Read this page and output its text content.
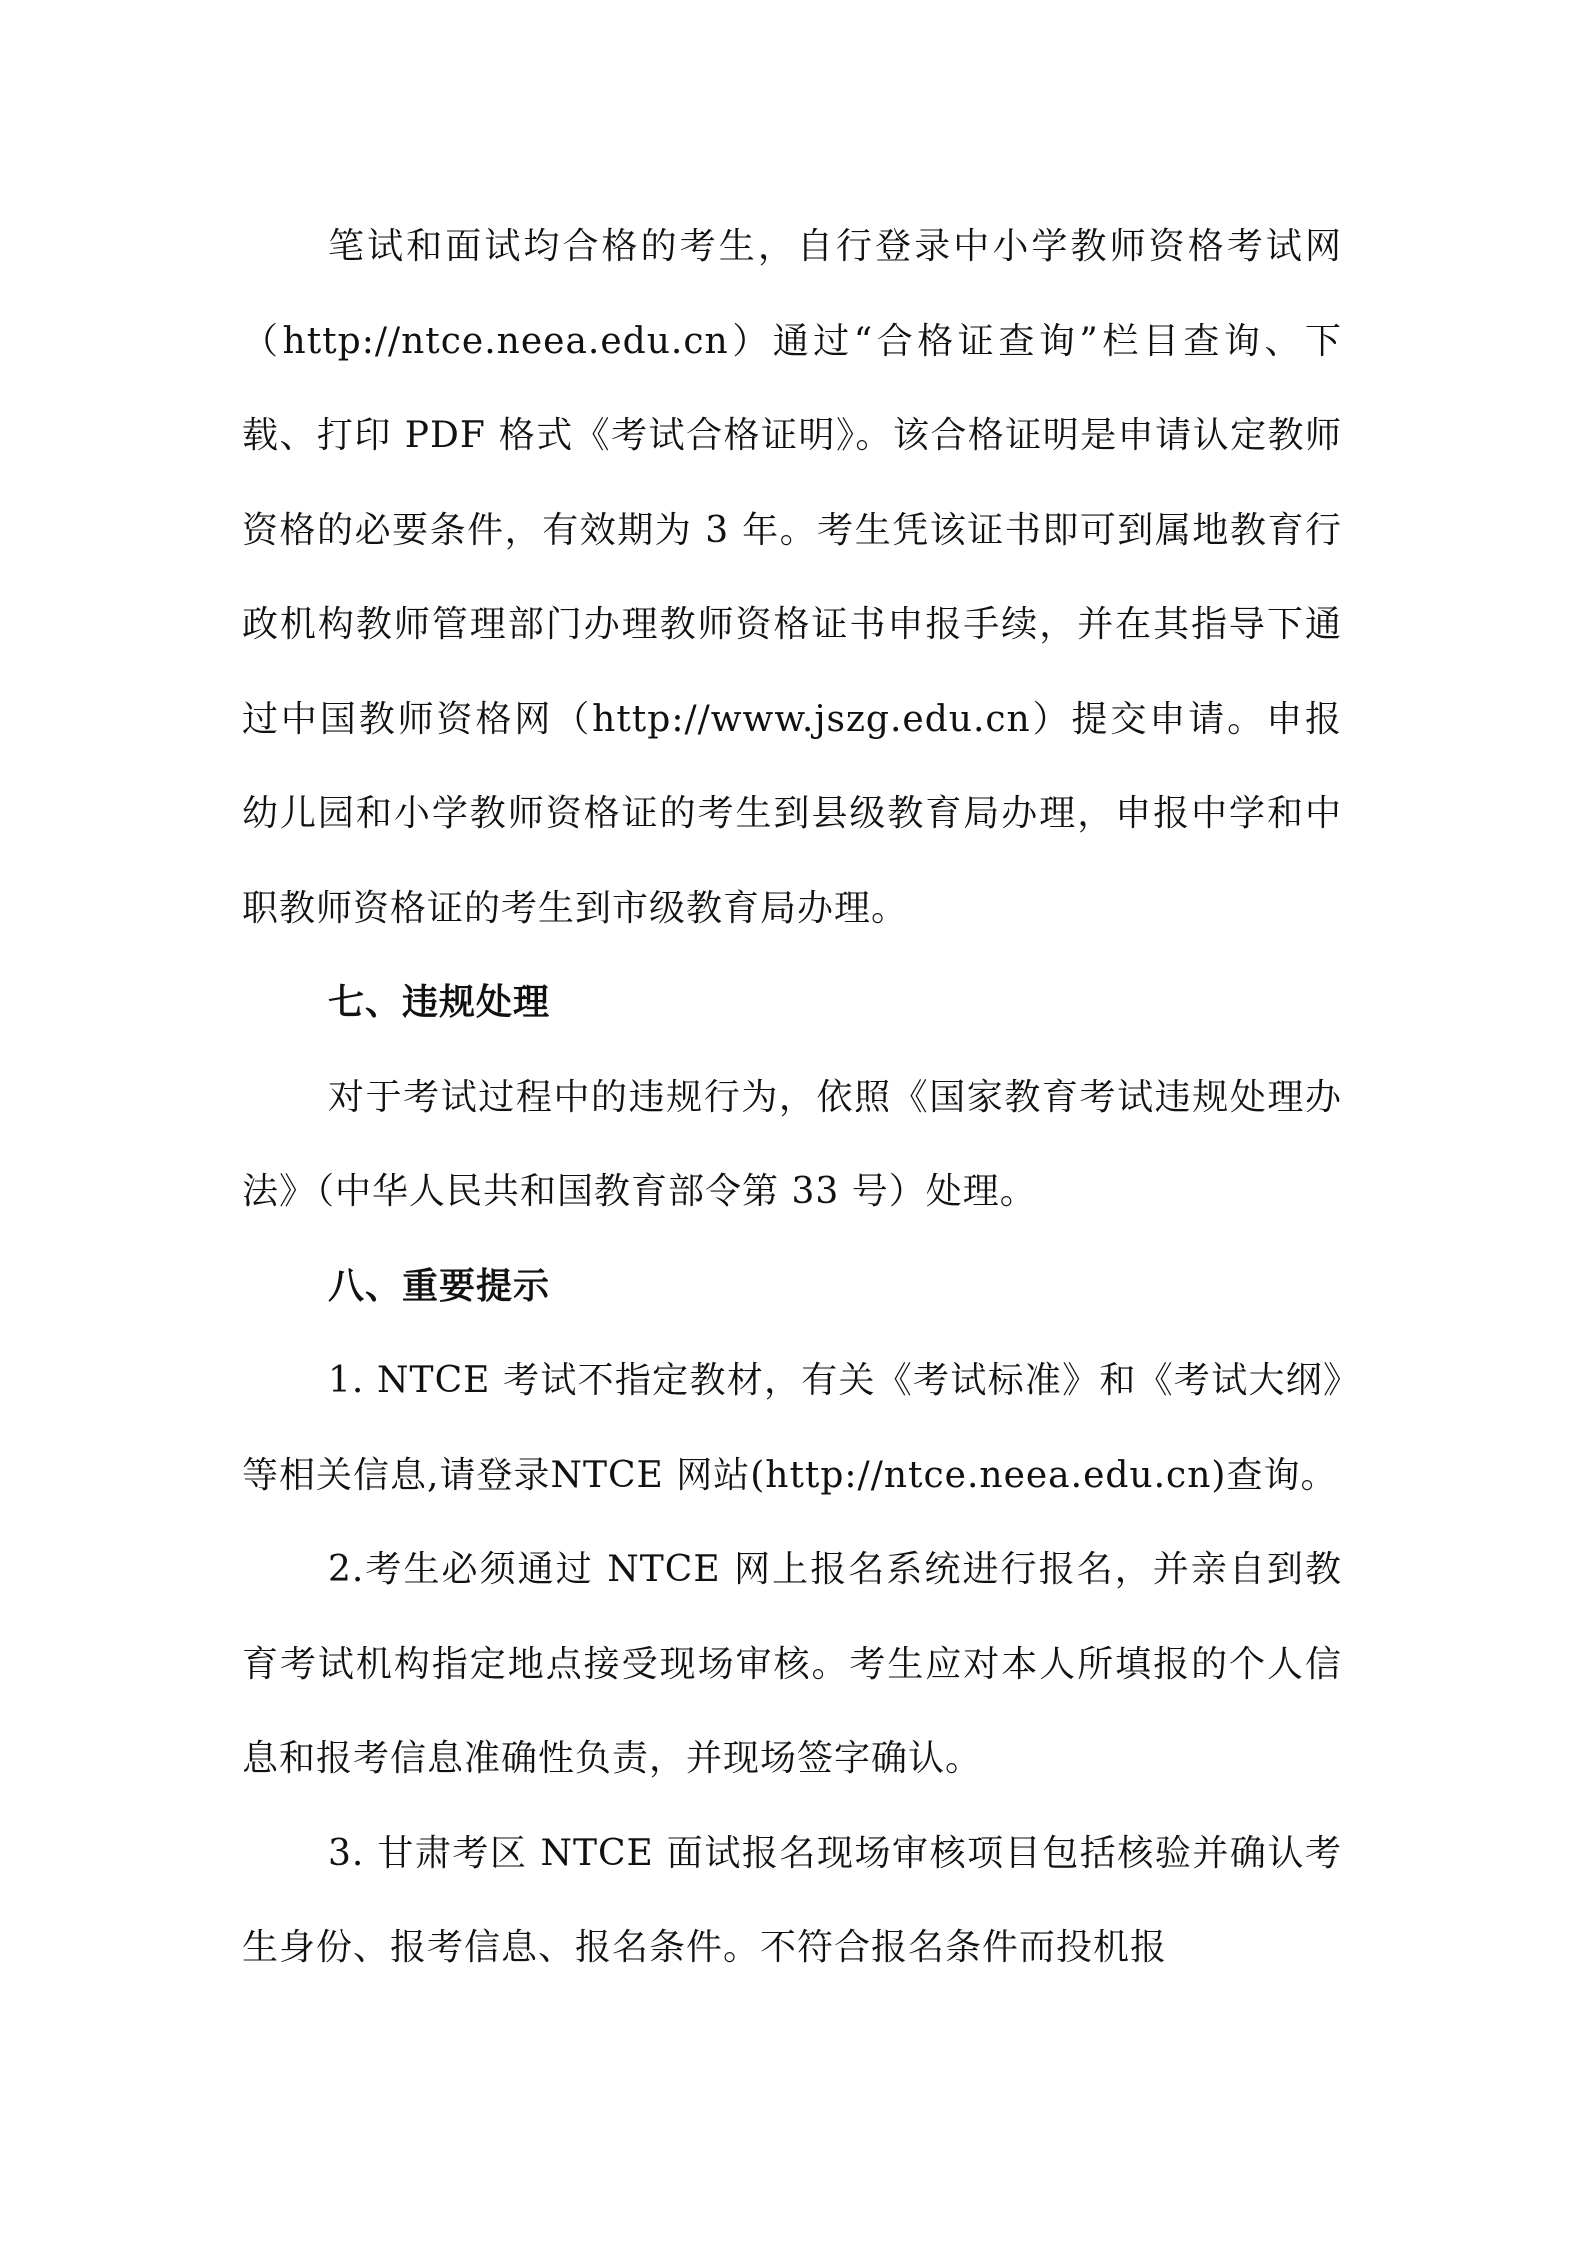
笔试和面试均合格的考生，自行登录中小学教师资格考试网（http://ntce.neea.edu.cn）通过“合格证查询”栏目查询、下载、打印 PDF 格式《考试合格证明》。该合格证明是申请认定教师资格的必要条件，有效期为 3 年。考生凭该证书即可到属地教育行政机构教师管理部门办理教师资格证书申报手续，并在其指导下通过中国教师资格网（http://www.jszg.edu.cn）提交申请。申报幼儿园和小学教师资格证的考生到县级教育局办理，申报中学和中职教师资格证的考生到市级教育局办理。

七、违规处理

对于考试过程中的违规行为，依照《国家教育考试违规处理办法》（中华人民共和国教育部令第 33 号）处理。

八、重要提示

1. NTCE 考试不指定教材，有关《考试标准》和《考试大纲》等相关信息,请登录NTCE 网站(http://ntce.neea.edu.cn)查询。

2.考生必须通过 NTCE 网上报名系统进行报名，并亲自到教育考试机构指定地点接受现场审核。考生应对本人所填报的个人信息和报考信息准确性负责，并现场签字确认。

3. 甘肃考区 NTCE 面试报名现场审核项目包括核验并确认考生身份、报考信息、报名条件。不符合报名条件而投机报
